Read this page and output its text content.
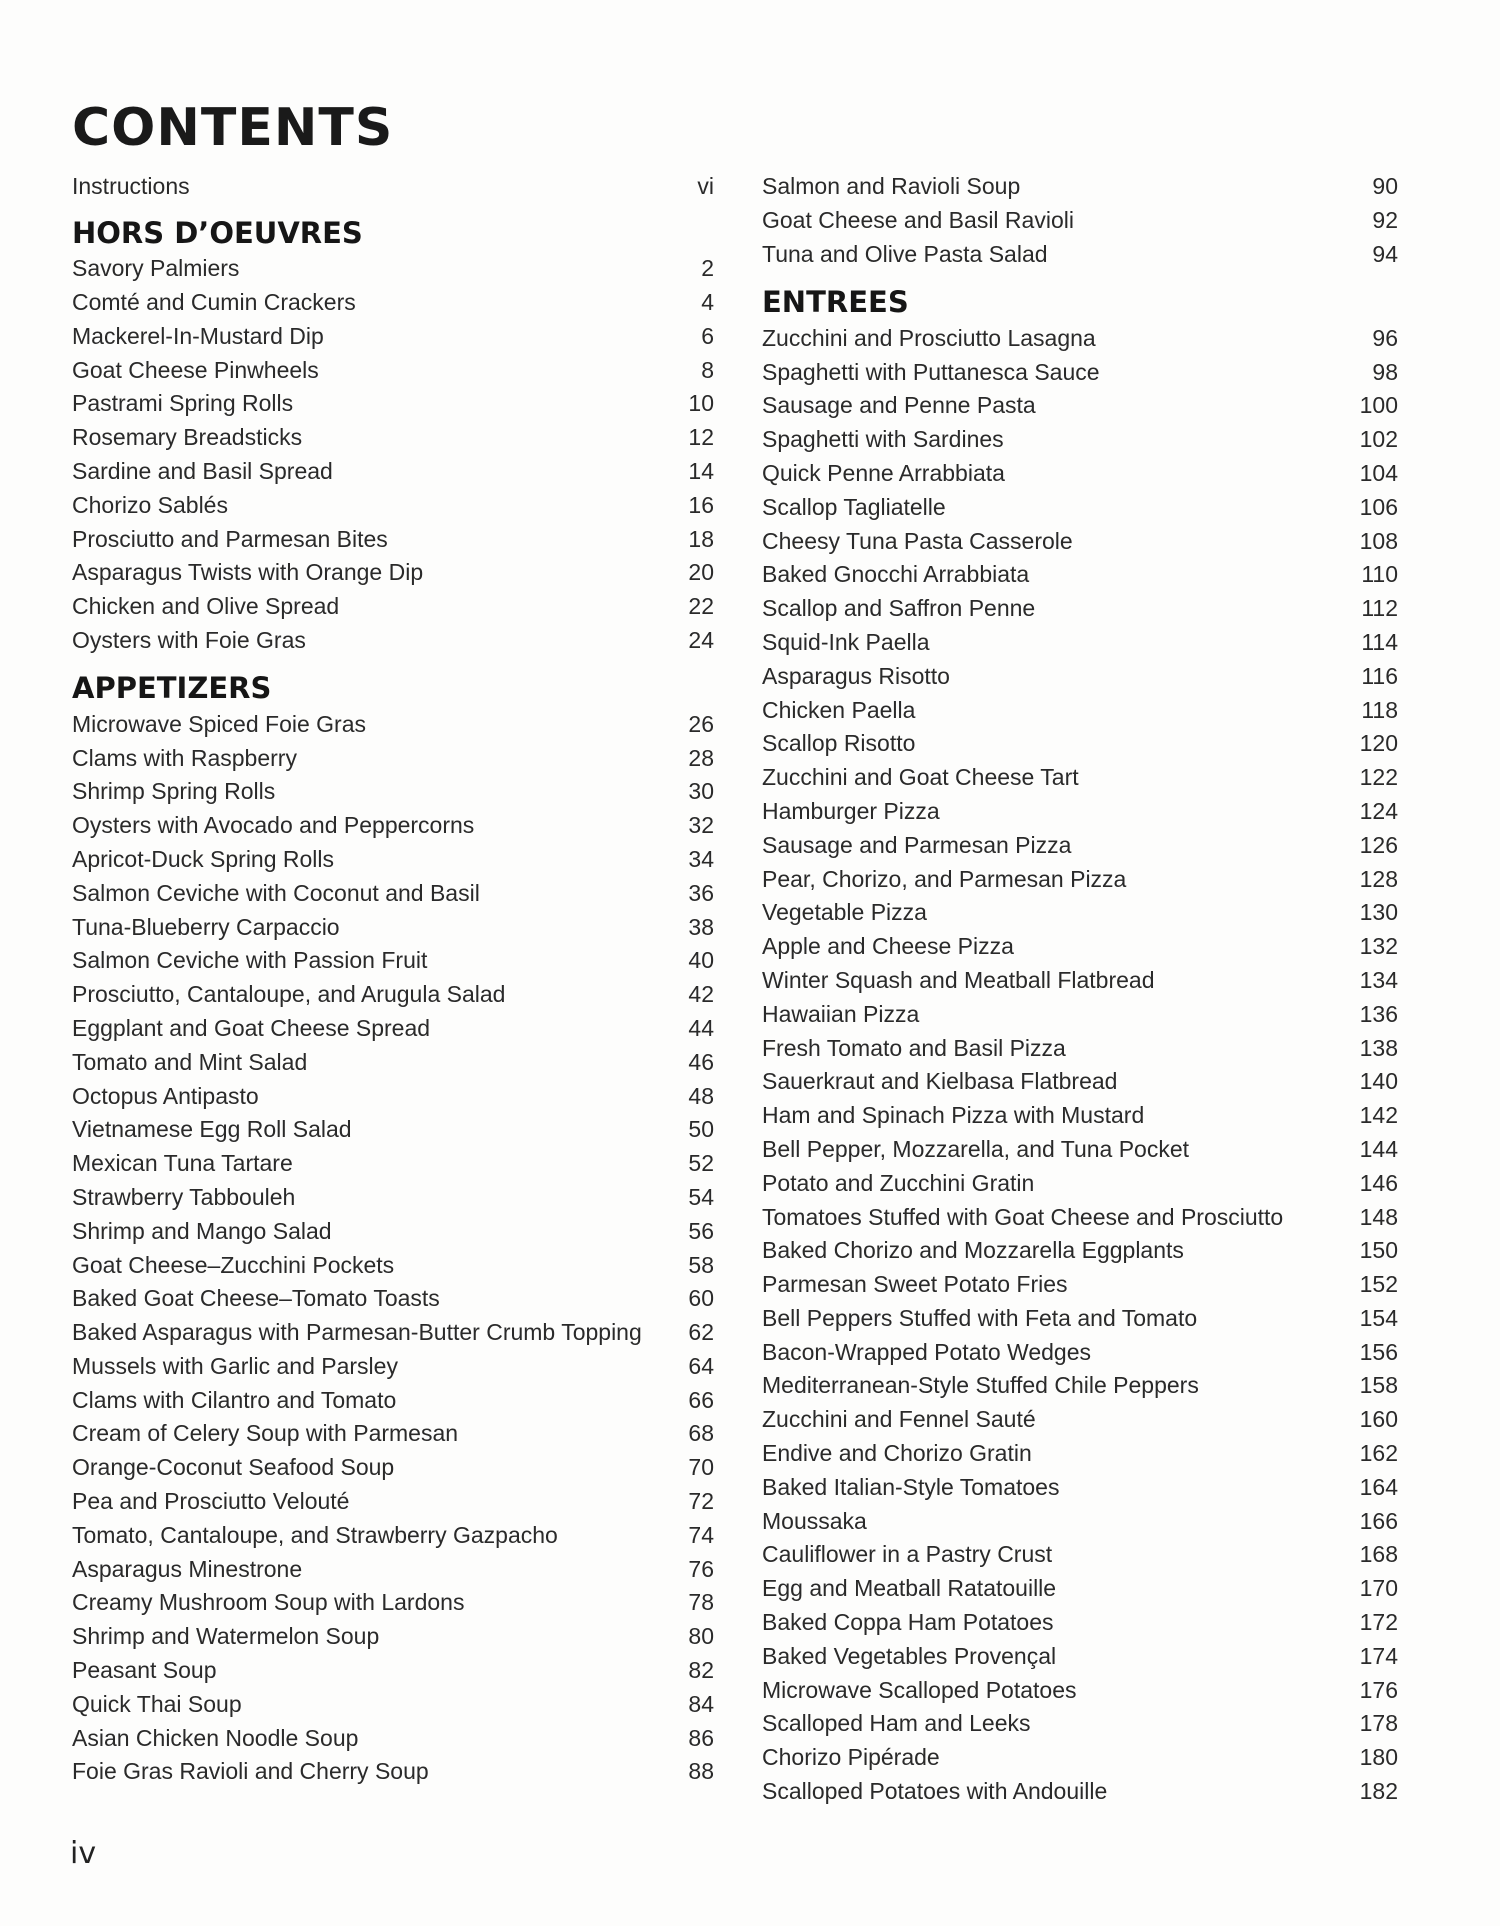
CONTENTS
Instructions	vi
HORS D’OEUVRES
Savory Palmiers	2
Comté and Cumin Crackers	4
Mackerel-In-Mustard Dip	6
Goat Cheese Pinwheels	8
Pastrami Spring Rolls	10
Rosemary Breadsticks	12
Sardine and Basil Spread	14
Chorizo Sablés	16
Prosciutto and Parmesan Bites	18
Asparagus Twists with Orange Dip	20
Chicken and Olive Spread	22
Oysters with Foie Gras	24
APPETIZERS
Microwave Spiced Foie Gras	26
Clams with Raspberry	28
Shrimp Spring Rolls	30
Oysters with Avocado and Peppercorns	32
Apricot-Duck Spring Rolls	34
Salmon Ceviche with Coconut and Basil	36
Tuna-Blueberry Carpaccio	38
Salmon Ceviche with Passion Fruit	40
Prosciutto, Cantaloupe, and Arugula Salad	42
Eggplant and Goat Cheese Spread	44
Tomato and Mint Salad	46
Octopus Antipasto	48
Vietnamese Egg Roll Salad	50
Mexican Tuna Tartare	52
Strawberry Tabbouleh	54
Shrimp and Mango Salad	56
Goat Cheese–Zucchini Pockets	58
Baked Goat Cheese–Tomato Toasts	60
Baked Asparagus with Parmesan-Butter Crumb Topping	62
Mussels with Garlic and Parsley	64
Clams with Cilantro and Tomato	66
Cream of Celery Soup with Parmesan	68
Orange-Coconut Seafood Soup	70
Pea and Prosciutto Velouté	72
Tomato, Cantaloupe, and Strawberry Gazpacho	74
Asparagus Minestrone	76
Creamy Mushroom Soup with Lardons	78
Shrimp and Watermelon Soup	80
Peasant Soup	82
Quick Thai Soup	84
Asian Chicken Noodle Soup	86
Foie Gras Ravioli and Cherry Soup	88
Salmon and Ravioli Soup	90
Goat Cheese and Basil Ravioli	92
Tuna and Olive Pasta Salad	94
ENTREES
Zucchini and Prosciutto Lasagna	96
Spaghetti with Puttanesca Sauce	98
Sausage and Penne Pasta	100
Spaghetti with Sardines	102
Quick Penne Arrabbiata	104
Scallop Tagliatelle	106
Cheesy Tuna Pasta Casserole	108
Baked Gnocchi Arrabbiata	110
Scallop and Saffron Penne	112
Squid-Ink Paella	114
Asparagus Risotto	116
Chicken Paella	118
Scallop Risotto	120
Zucchini and Goat Cheese Tart	122
Hamburger Pizza	124
Sausage and Parmesan Pizza	126
Pear, Chorizo, and Parmesan Pizza	128
Vegetable Pizza	130
Apple and Cheese Pizza	132
Winter Squash and Meatball Flatbread	134
Hawaiian Pizza	136
Fresh Tomato and Basil Pizza	138
Sauerkraut and Kielbasa Flatbread	140
Ham and Spinach Pizza with Mustard	142
Bell Pepper, Mozzarella, and Tuna Pocket	144
Potato and Zucchini Gratin	146
Tomatoes Stuffed with Goat Cheese and Prosciutto	148
Baked Chorizo and Mozzarella Eggplants	150
Parmesan Sweet Potato Fries	152
Bell Peppers Stuffed with Feta and Tomato	154
Bacon-Wrapped Potato Wedges	156
Mediterranean-Style Stuffed Chile Peppers	158
Zucchini and Fennel Sauté	160
Endive and Chorizo Gratin	162
Baked Italian-Style Tomatoes	164
Moussaka	166
Cauliflower in a Pastry Crust	168
Egg and Meatball Ratatouille	170
Baked Coppa Ham Potatoes	172
Baked Vegetables Provençal	174
Microwave Scalloped Potatoes	176
Scalloped Ham and Leeks	178
Chorizo Pipérade	180
Scalloped Potatoes with Andouille	182
iv
